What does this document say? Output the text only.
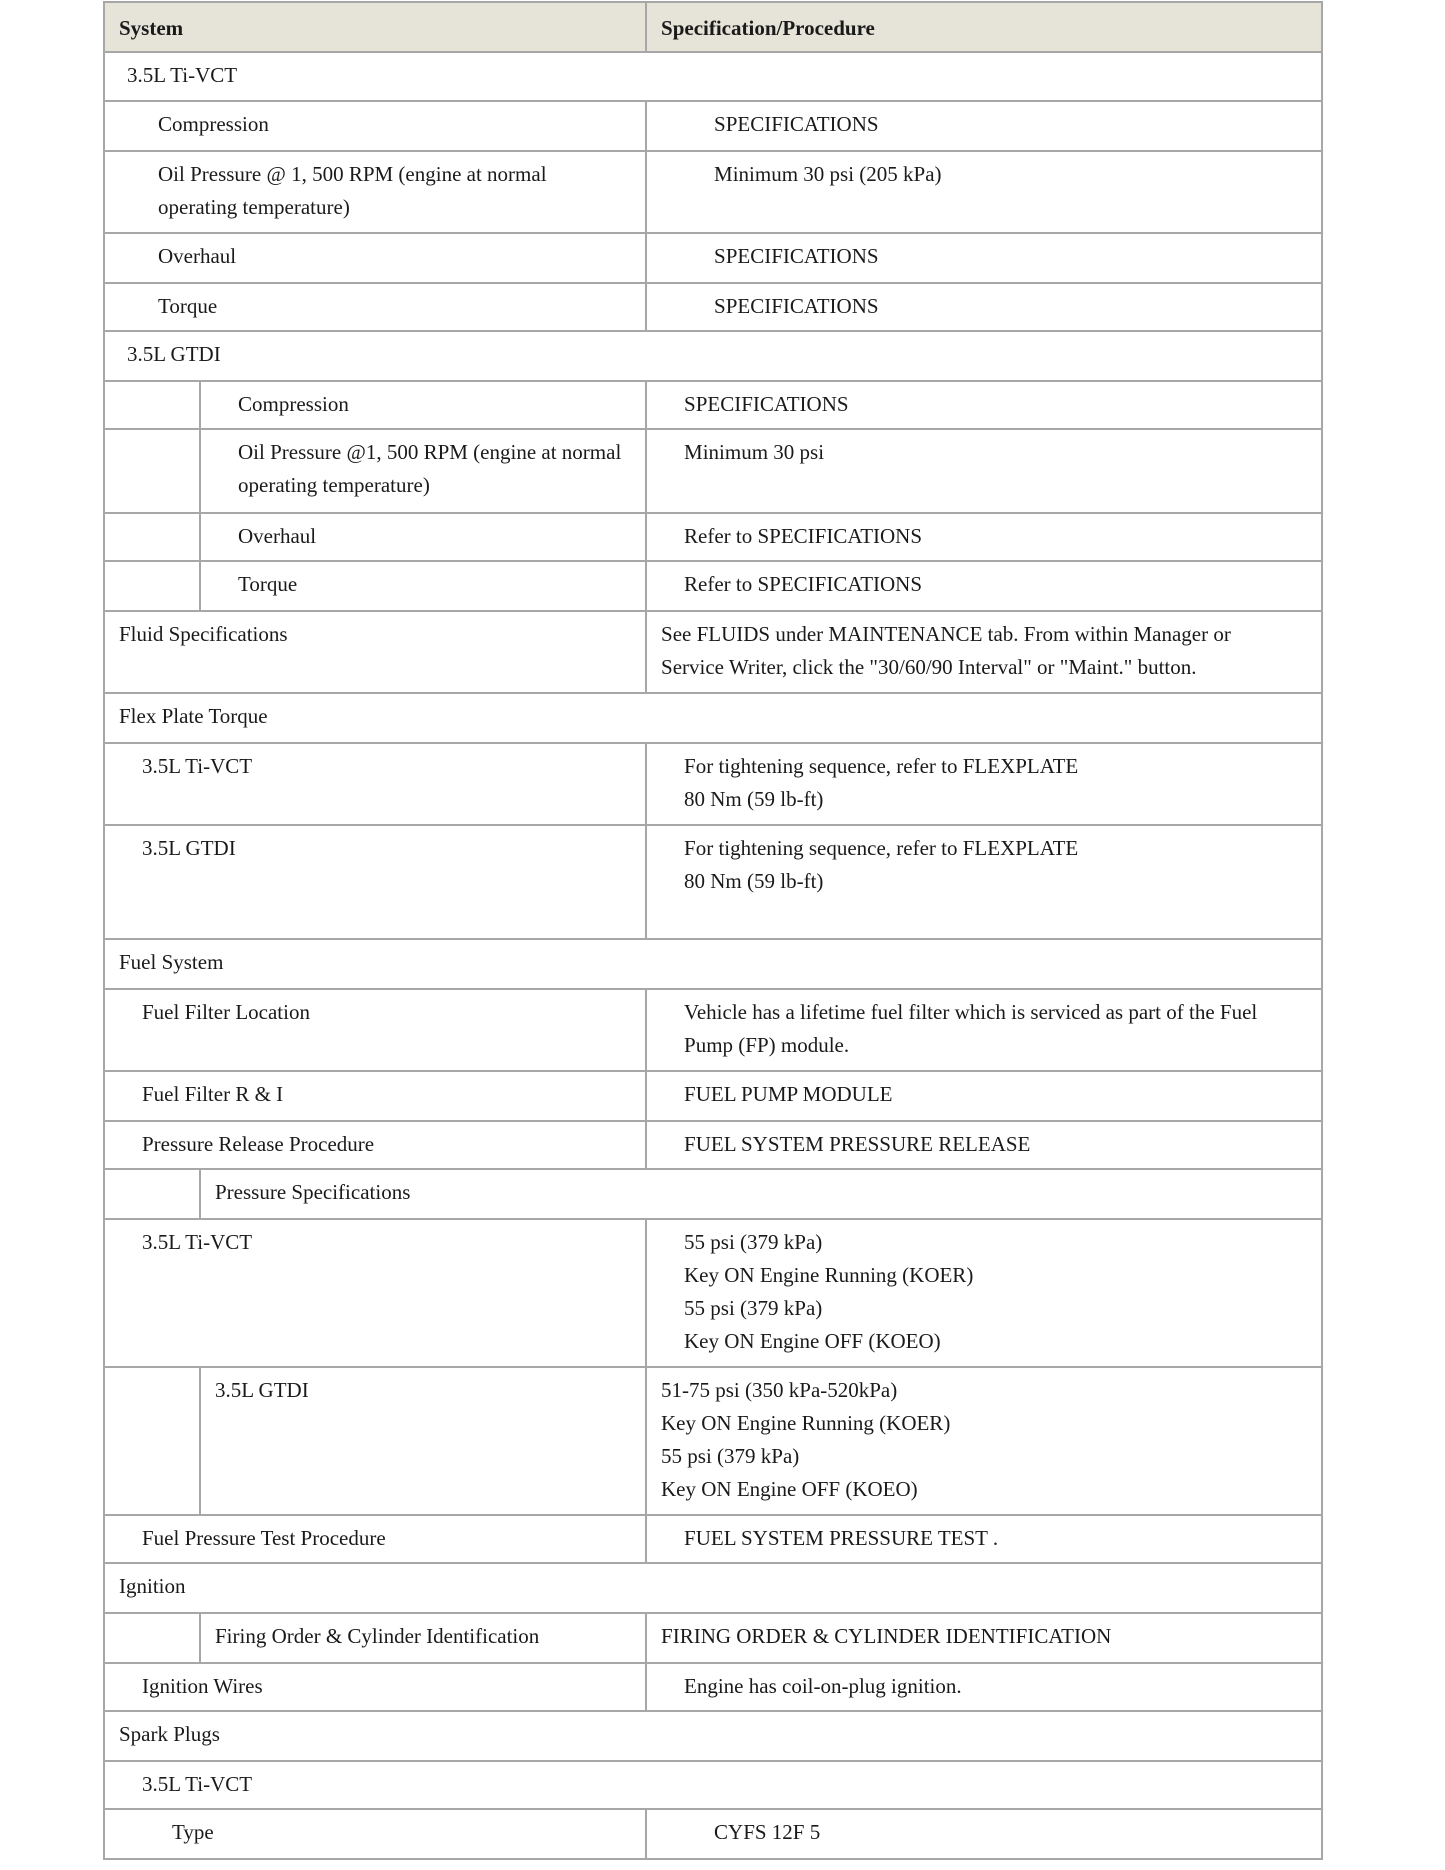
System		Specification/Procedure

3.5L Ti-VCT		

Compression		SPECIFICATIONS

Oil Pressure @ 1, 500 RPM (engine at normal
operating temperature)		Minimum 30 psi (205 kPa)

Overhaul		SPECIFICATIONS

Torque		SPECIFICATIONS

3.5L GTDI		

	Compression	SPECIFICATIONS

	Oil Pressure @1, 500 RPM (engine at normal
operating temperature)	Minimum 30 psi

	Overhaul	Refer to SPECIFICATIONS

	Torque	Refer to SPECIFICATIONS

Fluid Specifications		See FLUIDS under MAINTENANCE tab. From within Manager or
Service Writer, click the "30/60/90 Interval" or "Maint." button.

Flex Plate Torque		

3.5L Ti-VCT		For tightening sequence, refer to FLEXPLATE
80 Nm (59 lb-ft)

3.5L GTDI		For tightening sequence, refer to FLEXPLATE
80 Nm (59 lb-ft)

Fuel System		

Fuel Filter Location		Vehicle has a lifetime fuel filter which is serviced as part of the Fuel
Pump (FP) module.

Fuel Filter R & I		FUEL PUMP MODULE

Pressure Release Procedure		FUEL SYSTEM PRESSURE RELEASE

	Pressure Specifications	

3.5L Ti-VCT		55 psi (379 kPa)
Key ON Engine Running (KOER)
55 psi (379 kPa)
Key ON Engine OFF (KOEO)

	3.5L GTDI	51-75 psi (350 kPa-520kPa)
Key ON Engine Running (KOER)
55 psi (379 kPa)
Key ON Engine OFF (KOEO)

Fuel Pressure Test Procedure		FUEL SYSTEM PRESSURE TEST .

Ignition		

	Firing Order & Cylinder Identification	FIRING ORDER & CYLINDER IDENTIFICATION

Ignition Wires		Engine has coil-on-plug ignition.

Spark Plugs		

3.5L Ti-VCT		

Type		CYFS 12F 5
